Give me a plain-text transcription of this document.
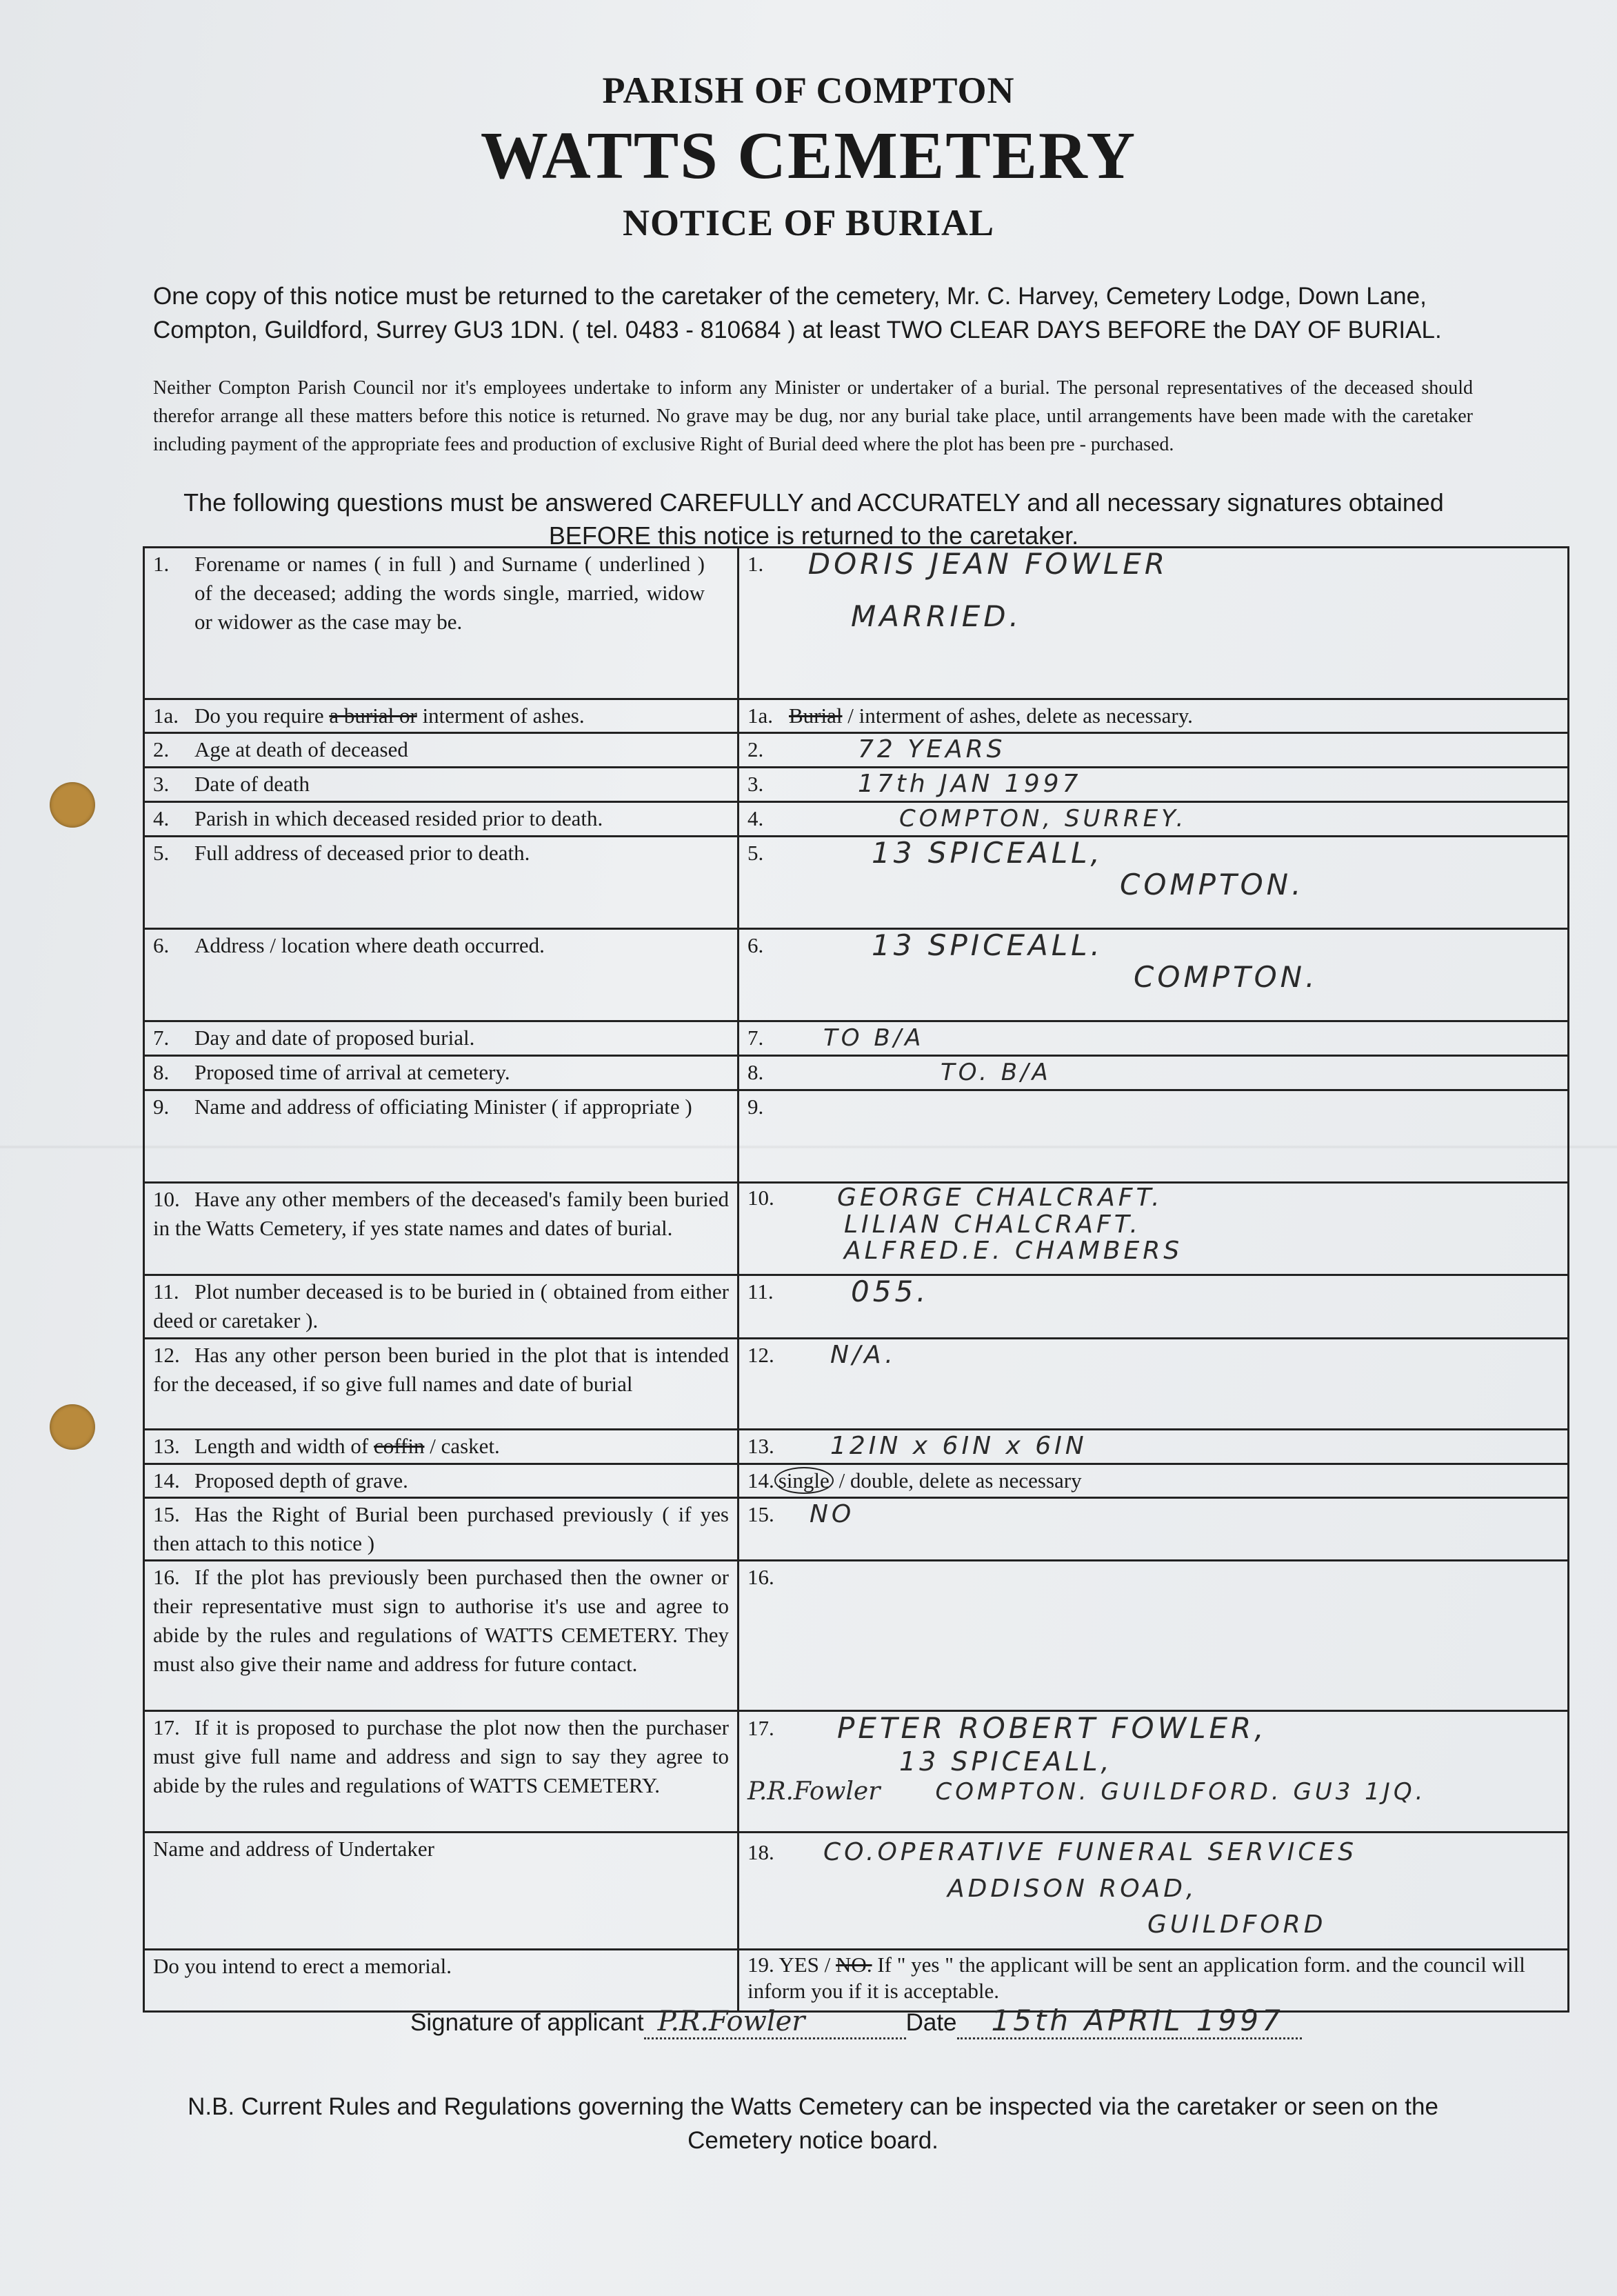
PARISH OF COMPTON
WATTS CEMETERY
NOTICE OF BURIAL
One copy of this notice must be returned to the caretaker of the cemetery, Mr. C. Harvey, Cemetery Lodge, Down Lane, Compton, Guildford, Surrey GU3 1DN. ( tel. 0483 - 810684 ) at least TWO CLEAR DAYS BEFORE the DAY OF BURIAL.
Neither Compton Parish Council nor it's employees undertake to inform any Minister or undertaker of a burial. The personal representatives of the deceased should therefor arrange all these matters before this notice is returned. No grave may be dug, nor any burial take place, until arrangements have been made with the caretaker including payment of the appropriate fees and production of exclusive Right of Burial deed where the plot has been pre - purchased.
The following questions must be answered CAREFULLY and ACCURATELY and all necessary signatures obtained
BEFORE this notice is returned to the caretaker.
1. Forename or names ( in full ) and Surname ( underlined ) of the deceased; adding the words single, married, widow or widower as the case may be.	1. DORIS JEAN FOWLER
MARRIED.

1a. Do you require a burial or interment of ashes.	1a. Burial / interment of ashes, delete as necessary.
2. Age at death of deceased	2. 72 YEARS
3. Date of death	3. 17th JAN 1997
4. Parish in which deceased resided prior to death.	4. COMPTON, SURREY.
5. Full address of deceased prior to death.	5. 13 SPICEALL,
COMPTON.

6. Address / location where death occurred.	6. 13 SPICEALL.
COMPTON.

7. Day and date of proposed burial.	7. TO B/A
8. Proposed time of arrival at cemetery.	8. TO. B/A
9. Name and address of officiating Minister ( if appropriate )	9.
10. Have any other members of the deceased's family been buried in the Watts Cemetery, if yes state names and dates of burial.	10. GEORGE CHALCRAFT.
LILIAN CHALCRAFT.
ALFRED.E. CHAMBERS

11. Plot number deceased is to be buried in ( obtained from either deed or caretaker ).	11. 055.
12. Has any other person been buried in the plot that is intended for the deceased, if so give full names and date of burial	12. N/A.
13. Length and width of coffin / casket.	13. 12IN x 6IN x 6IN
14. Proposed depth of grave.	14. single / double, delete as necessary
15. Has the Right of Burial been purchased previously ( if yes then attach to this notice )	15. NO
16. If the plot has previously been purchased then the owner or their representative must sign to authorise it's use and agree to abide by the rules and regulations of WATTS CEMETERY. They must also give their name and address for future contact.	16.
17. If it is proposed to purchase the plot now then the purchaser must give full name and address and sign to say they agree to abide by the rules and regulations of WATTS CEMETERY.	17. PETER ROBERT FOWLER,
13 SPICEALL,
P.R.Fowler COMPTON. GUILDFORD. GU3 1JQ.
Name and address of Undertaker	18. CO.OPERATIVE FUNERAL SERVICES
ADDISON ROAD,
GUILDFORD

Do you intend to erect a memorial.	19. YES / NO. If " yes " the applicant will be sent an application form. and the council will inform you if it is acceptable.
Signature of applicant P.R.Fowler	Date 15th APRIL 1997
N.B. Current Rules and Regulations governing the Watts Cemetery can be inspected via the caretaker or seen on the Cemetery notice board.
